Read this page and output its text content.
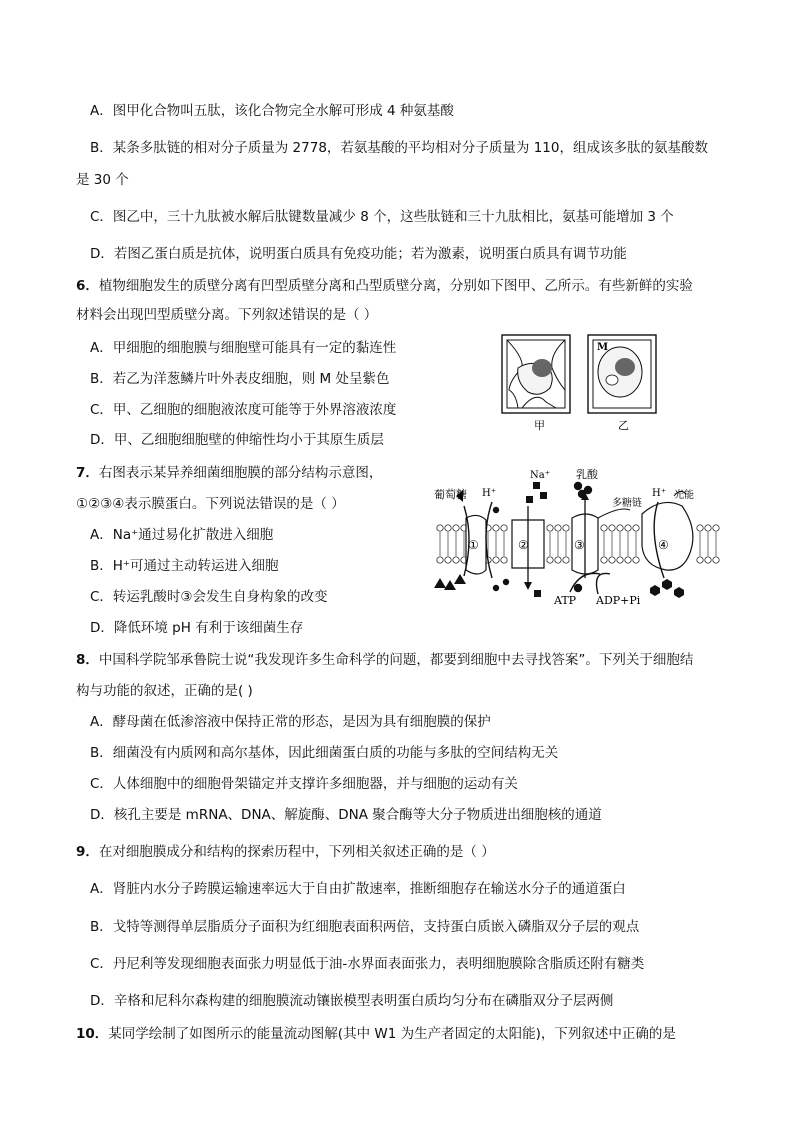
A．图甲化合物叫五肽，该化合物完全水解可形成 4 种氨基酸
B．某条多肽链的相对分子质量为 2778，若氨基酸的平均相对分子质量为 110，组成该多肽的氨基酸数
是 30 个
C．图乙中，三十九肽被水解后肽键数量减少 8 个，这些肽链和三十九肽相比，氨基可能增加 3 个
D．若图乙蛋白质是抗体，说明蛋白质具有免疫功能；若为激素，说明蛋白质具有调节功能
6．植物细胞发生的质壁分离有凹型质壁分离和凸型质壁分离，分别如下图甲、乙所示。有些新鲜的实验
材料会出现凹型质壁分离。下列叙述错误的是（ ）
A．甲细胞的细胞膜与细胞壁可能具有一定的黏连性
B．若乙为洋葱鳞片叶外表皮细胞，则 M 处呈紫色
C．甲、乙细胞的细胞液浓度可能等于外界溶液浓度
D．甲、乙细胞细胞壁的伸缩性均小于其原生质层
M
甲	乙
7．右图表示某异养细菌细胞膜的部分结构示意图，
①②③④表示膜蛋白。下列说法错误的是（ ）
A．Na⁺通过易化扩散进入细胞
B．H⁺可通过主动转运进入细胞
C．转运乳酸时③会发生自身构象的改变
D．降低环境 pH 有利于该细菌生存
葡萄糖 H⁺
Na⁺ 乳酸
多糖链
H⁺ 光能
①	②	③	④
ATP ADP+Pi
8．中国科学院邹承鲁院士说“我发现许多生命科学的问题，都要到细胞中去寻找答案”。下列关于细胞结
构与功能的叙述，正确的是( )
A．酵母菌在低渗溶液中保持正常的形态，是因为具有细胞膜的保护
B．细菌没有内质网和高尔基体，因此细菌蛋白质的功能与多肽的空间结构无关
C．人体细胞中的细胞骨架锚定并支撑许多细胞器，并与细胞的运动有关
D．核孔主要是 mRNA、DNA、解旋酶、DNA 聚合酶等大分子物质进出细胞核的通道
9．在对细胞膜成分和结构的探索历程中，下列相关叙述正确的是（ ）
A．肾脏内水分子跨膜运输速率远大于自由扩散速率，推断细胞存在输送水分子的通道蛋白
B．戈特等测得单层脂质分子面积为红细胞表面积两倍，支持蛋白质嵌入磷脂双分子层的观点
C．丹尼利等发现细胞表面张力明显低于油-水界面表面张力，表明细胞膜除含脂质还附有糖类
D．辛格和尼科尔森构建的细胞膜流动镶嵌模型表明蛋白质均匀分布在磷脂双分子层两侧
10．某同学绘制了如图所示的能量流动图解(其中 W1 为生产者固定的太阳能)，下列叙述中正确的是
